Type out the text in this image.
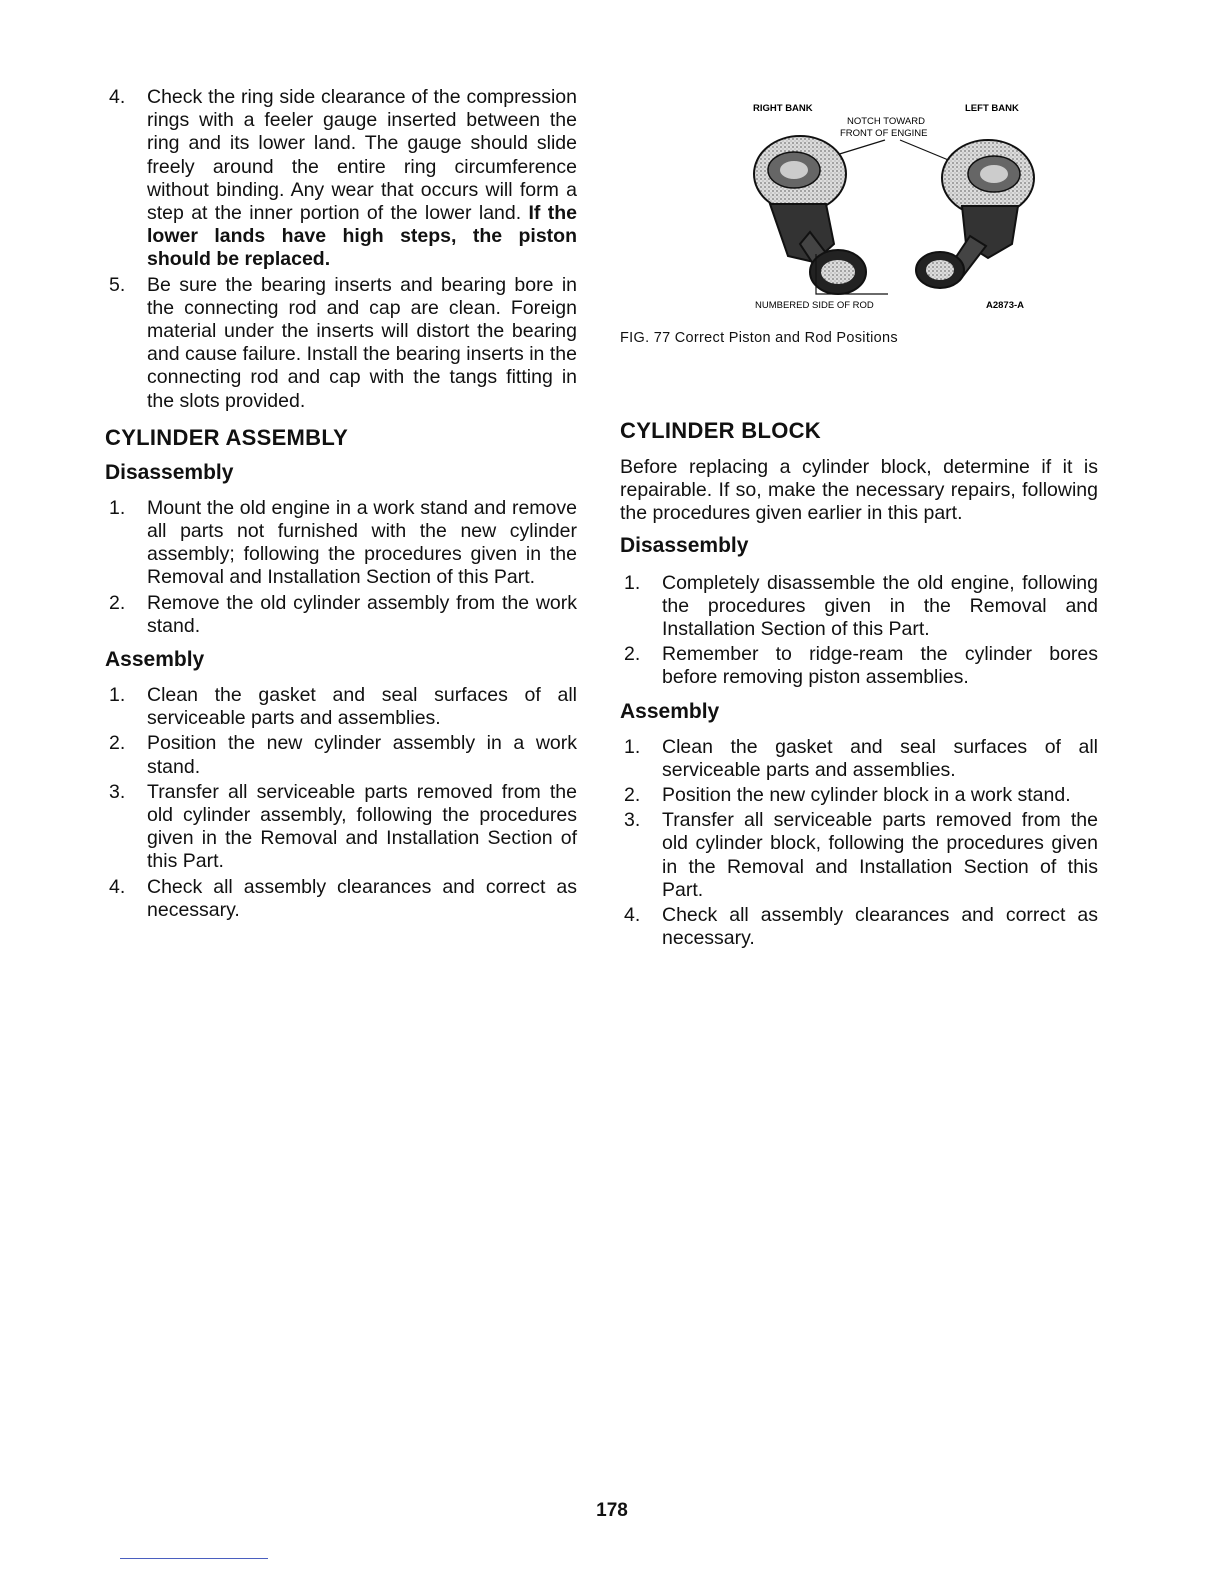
4. Check the ring side clearance of the compression rings with a feeler gauge inserted between the ring and its lower land. The gauge should slide freely around the entire ring circumference without binding. Any wear that occurs will form a step at the inner portion of the lower land. If the lower lands have high steps, the piston should be replaced.
5. Be sure the bearing inserts and bearing bore in the connecting rod and cap are clean. Foreign material under the inserts will distort the bearing and cause failure. Install the bearing inserts in the connecting rod and cap with the tangs fitting in the slots provided.
CYLINDER ASSEMBLY
Disassembly
1. Mount the old engine in a work stand and remove all parts not furnished with the new cylinder assembly; following the procedures given in the Removal and Installation Section of this Part.
2. Remove the old cylinder assembly from the work stand.
Assembly
1. Clean the gasket and seal surfaces of all serviceable parts and assemblies.
2. Position the new cylinder assembly in a work stand.
3. Transfer all serviceable parts removed from the old cylinder assembly, following the procedures given in the Removal and Installation Section of this Part.
4. Check all assembly clearances and correct as necessary.
RIGHT BANK	LEFT BANK
NOTCH TOWARD
FRONT OF ENGINE
NUMBERED SIDE OF ROD	A2873-A
FIG. 77 Correct Piston and Rod Positions
CYLINDER BLOCK

Before replacing a cylinder block, determine if it is repairable. If so, make the necessary repairs, following the procedures given earlier in this part.

Disassembly
1. Completely disassemble the old engine, following the procedures given in the Removal and Installation Section of this Part.
2. Remember to ridge-ream the cylinder bores before removing piston assemblies.
Assembly
1. Clean the gasket and seal surfaces of all serviceable parts and assemblies.
2. Position the new cylinder block in a work stand.
3. Transfer all serviceable parts removed from the old cylinder block, following the procedures given in the Removal and Installation Section of this Part.
4. Check all assembly clearances and correct as necessary.
178
